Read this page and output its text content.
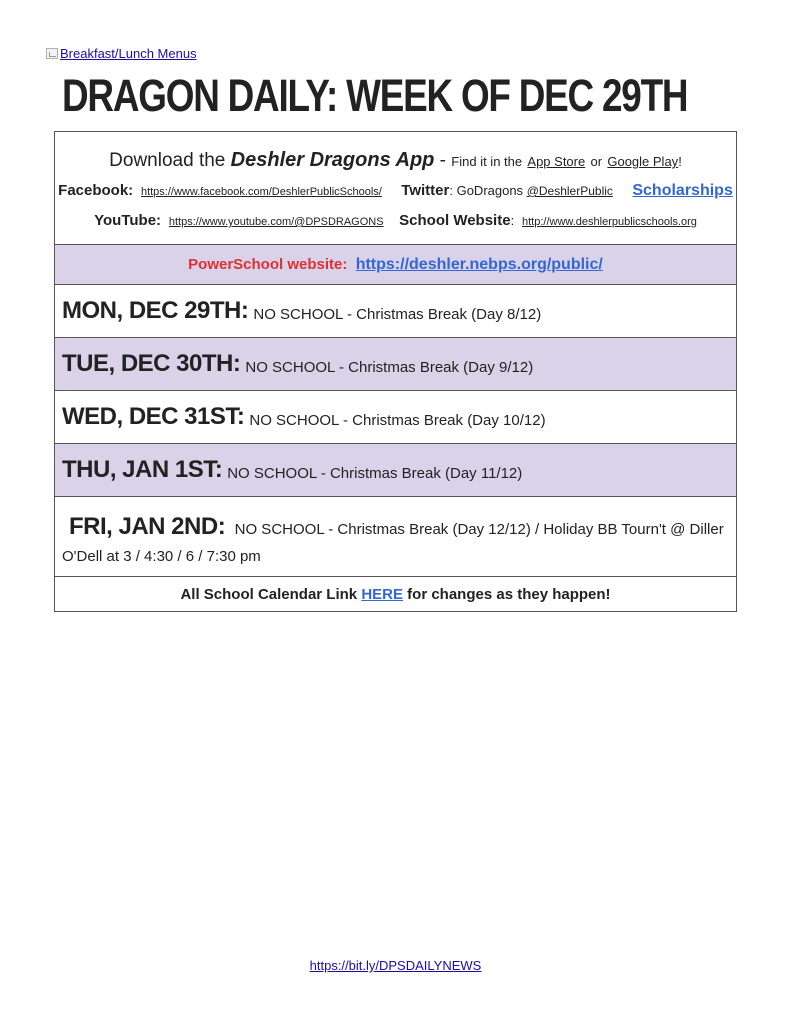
Breakfast/Lunch Menus
DRAGON DAILY: WEEK OF DEC 29TH
Download the Deshler Dragons App - Find it in the App Store or Google Play!
Facebook: https://www.facebook.com/DeshlerPublicSchools/ Twitter: GoDragons @DeshlerPublic Scholarships
YouTube: https://www.youtube.com/@DPSDRAGONS School Website: http://www.deshlerpublicschools.org
PowerSchool website: https://deshler.nebps.org/public/
MON, DEC 29TH: NO SCHOOL - Christmas Break (Day 8/12)
TUE, DEC 30TH: NO SCHOOL - Christmas Break (Day 9/12)
WED, DEC 31ST: NO SCHOOL - Christmas Break (Day 10/12)
THU, JAN 1ST: NO SCHOOL - Christmas Break (Day 11/12)
FRI, JAN 2ND: NO SCHOOL - Christmas Break (Day 12/12) / Holiday BB Tourn't @ Diller O'Dell at 3 / 4:30 / 6 / 7:30 pm
All School Calendar Link HERE for changes as they happen!
https://bit.ly/DPSDAILYNEWS
